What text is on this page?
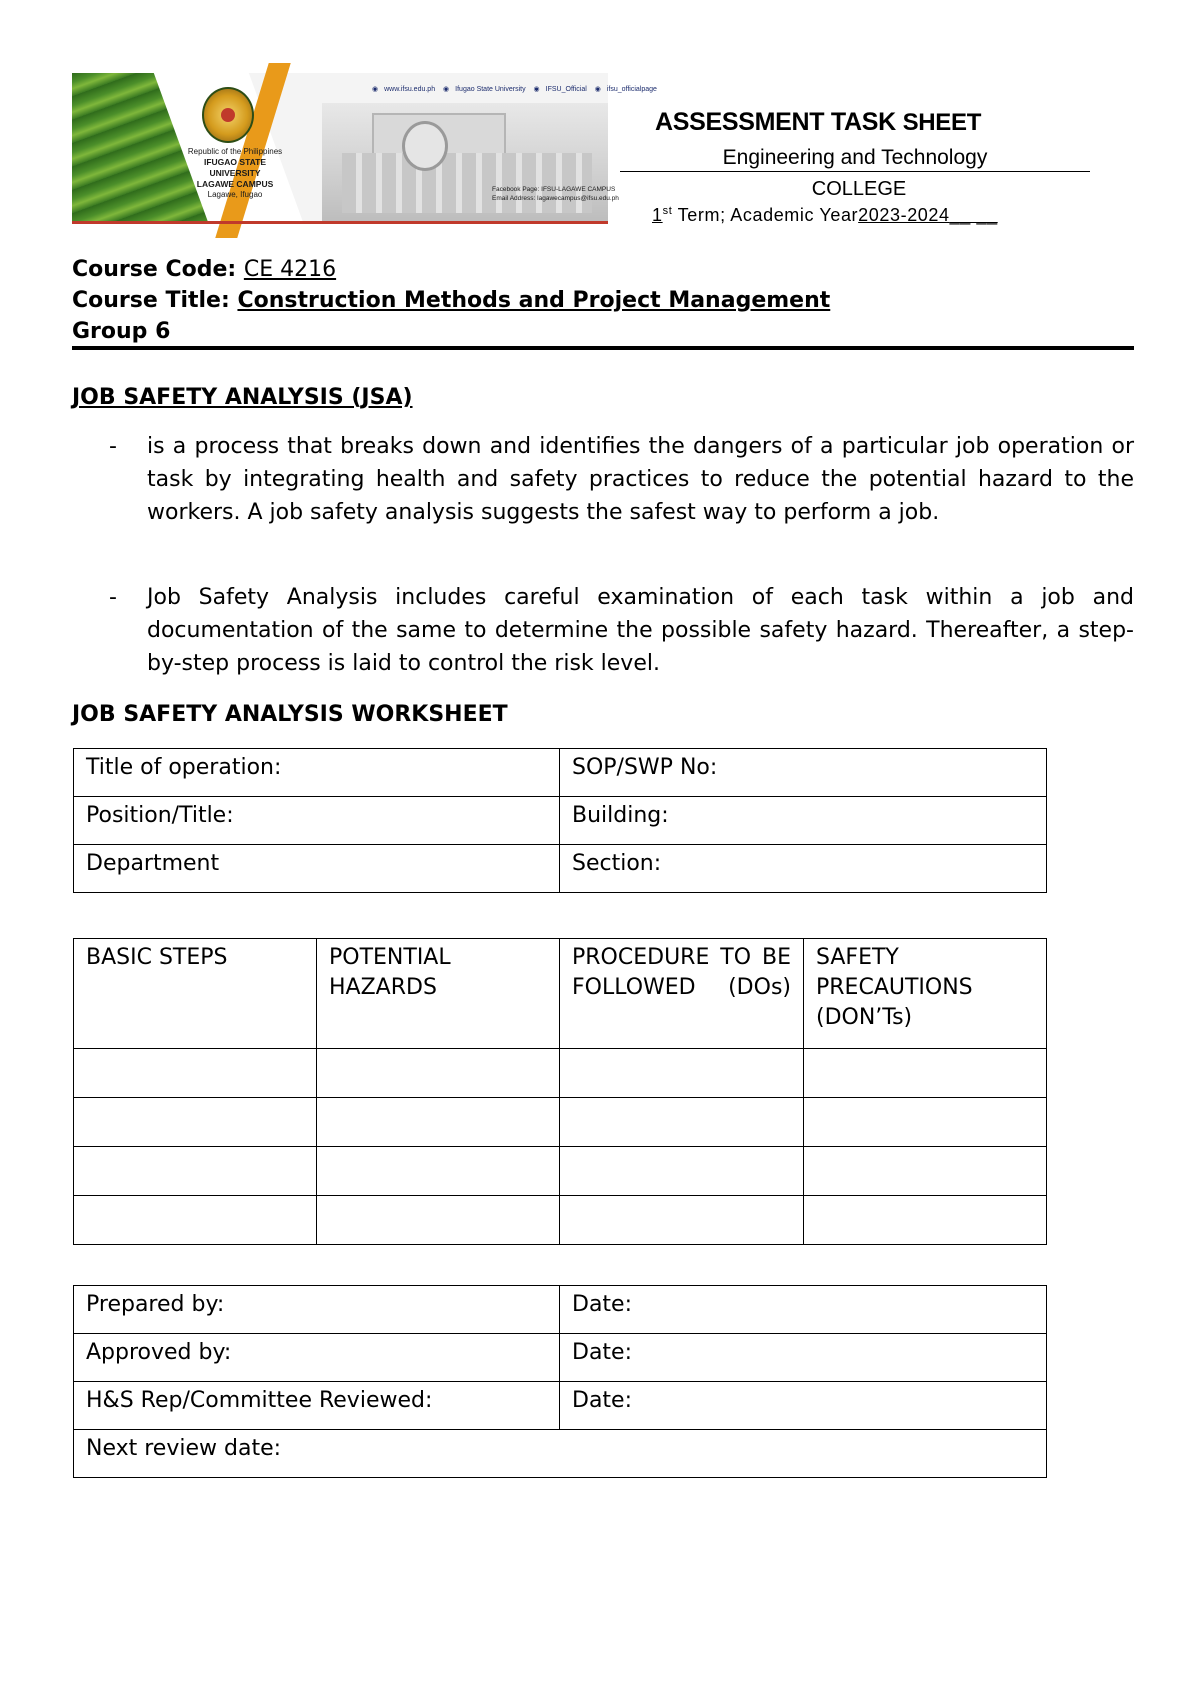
Republic of the Philippines
IFUGAO STATE UNIVERSITY
LAGAWE CAMPUS
Lagawe, Ifugao
◉ www.ifsu.edu.ph ◉ Ifugao State University ◉ IFSU_Official ◉ ifsu_officialpage
Facebook Page: IFSU-LAGAWE CAMPUS
Email Address: lagawecampus@ifsu.edu.ph
ASSESSMENT TASK SHEET
Engineering and Technology
COLLEGE
1st Term; Academic Year2023-2024__ __
Course Code: CE 4216
Course Title: Construction Methods and Project Management
Group 6
JOB SAFETY ANALYSIS (JSA)
- is a process that breaks down and identifies the dangers of a particular job operation or task by integrating health and safety practices to reduce the potential hazard to the workers. A job safety analysis suggests the safest way to perform a job.
- Job Safety Analysis includes careful examination of each task within a job and documentation of the same to determine the possible safety hazard. Thereafter, a step-by-step process is laid to control the risk level.
JOB SAFETY ANALYSIS WORKSHEET
Title of operation:	SOP/SWP No:
Position/Title:	Building:
Department	Section:
BASIC STEPS	POTENTIAL HAZARDS	PROCEDURE TO BE FOLLOWED (DOs)	SAFETY PRECAUTIONS (DON’Ts)

Prepared by:	Date:
Approved by:	Date:
H&S Rep/Committee Reviewed:	Date:
Next review date:	
